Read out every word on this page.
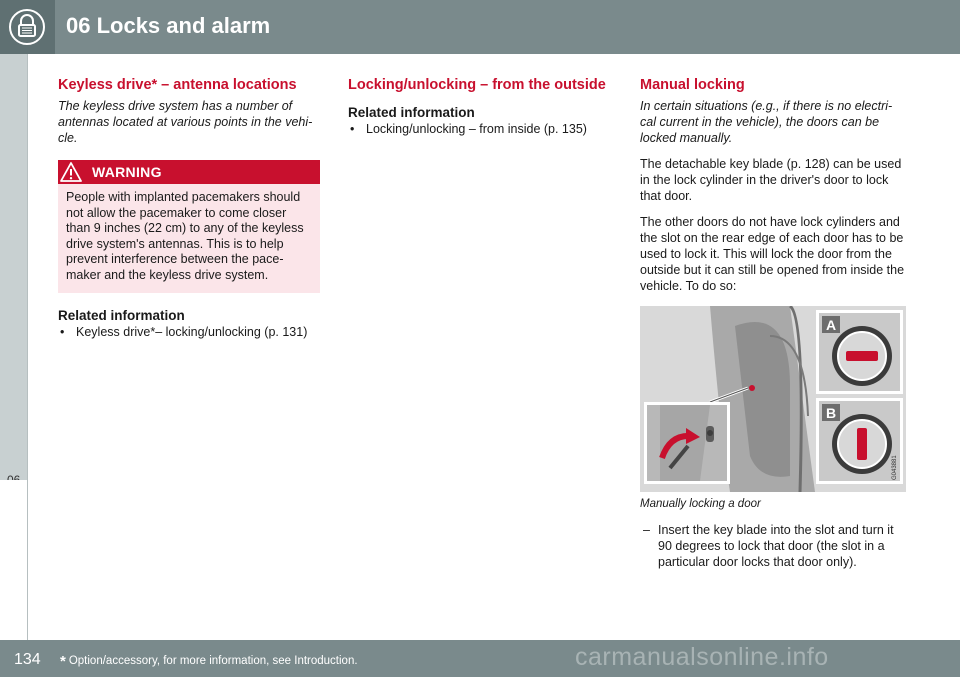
06 Locks and alarm
Keyless drive* – antenna locations
The keyless drive system has a number of antennas located at various points in the vehi-cle.
WARNING
People with implanted pacemakers should not allow the pacemaker to come closer than 9 inches (22 cm) to any of the keyless drive system's antennas. This is to help prevent interference between the pace-maker and the keyless drive system.
Related information
• Keyless drive*– locking/unlocking (p. 131)
Locking/unlocking – from the outside
Related information
• Locking/unlocking – from inside (p. 135)
Manual locking
In certain situations (e.g., if there is no electri-cal current in the vehicle), the doors can be locked manually.
The detachable key blade (p. 128) can be used in the lock cylinder in the driver's door to lock that door.
The other doors do not have lock cylinders and the slot on the rear edge of each door has to be used to lock it. This will lock the door from the outside but it can still be opened from inside the vehicle. To do so:
A
B
G043881
Manually locking a door
– Insert the key blade into the slot and turn it 90 degrees to lock that door (the slot in a particular door locks that door only).
134 * Option/accessory, for more information, see Introduction.	carmanualsonline.info
